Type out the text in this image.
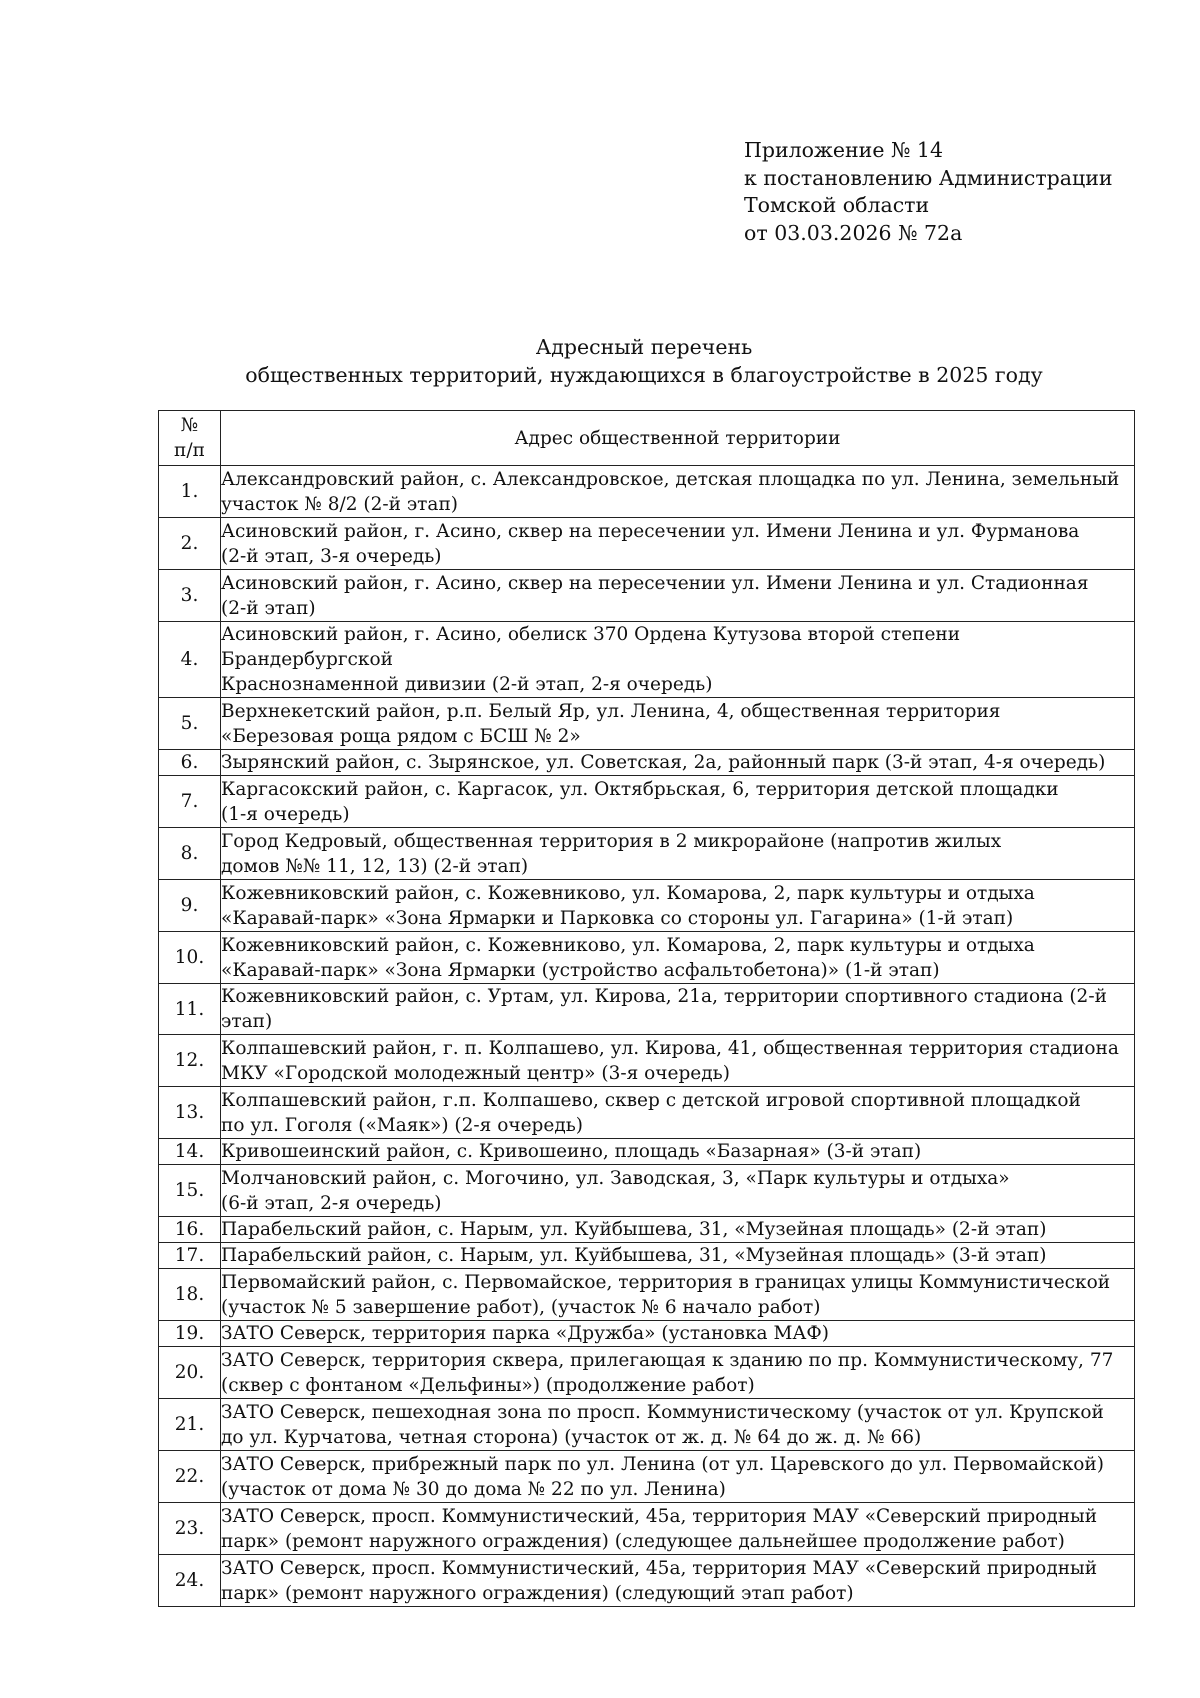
Приложение № 14
к постановлению Администрации
Томской области
от 03.03.2026 № 72а
Адресный перечень
общественных территорий, нуждающихся в благоустройстве в 2025 году
№
п/п	Адрес общественной территории
1.	Александровский район, с. Александровское, детская площадка по ул. Ленина, земельный
участок № 8/2 (2-й этап)

2.	Асиновский район, г. Асино, сквер на пересечении ул. Имени Ленина и ул. Фурманова
(2-й этап, 3-я очередь)

3.	Асиновский район, г. Асино, сквер на пересечении ул. Имени Ленина и ул. Стадионная
(2-й этап)

4.	Асиновский район, г. Асино, обелиск 370 Ордена Кутузова второй степени Брандербургской
Краснознаменной дивизии (2-й этап, 2-я очередь)

5.	Верхнекетский район, р.п. Белый Яр, ул. Ленина, 4, общественная территория
«Березовая роща рядом с БСШ № 2»

6.	Зырянский район, с. Зырянское, ул. Советская, 2а, районный парк (3-й этап, 4-я очередь)

7.	Каргасокский район, с. Каргасок, ул. Октябрьская, 6, территория детской площадки
(1-я очередь)

8.	Город Кедровый, общественная территория в 2 микрорайоне (напротив жилых
домов №№ 11, 12, 13) (2-й этап)

9.	Кожевниковский район, с. Кожевниково, ул. Комарова, 2, парк культуры и отдыха
«Каравай-парк» «Зона Ярмарки и Парковка со стороны ул. Гагарина» (1-й этап)

10.	Кожевниковский район, с. Кожевниково, ул. Комарова, 2, парк культуры и отдыха
«Каравай-парк» «Зона Ярмарки (устройство асфальтобетона)» (1-й этап)

11.	Кожевниковский район, с. Уртам, ул. Кирова, 21а, территории спортивного стадиона (2-й этап)

12.	Колпашевский район, г. п. Колпашево, ул. Кирова, 41, общественная территория стадиона
МКУ «Городской молодежный центр» (3-я очередь)

13.	Колпашевский район, г.п. Колпашево, сквер с детской игровой спортивной площадкой
по ул. Гоголя («Маяк») (2-я очередь)

14.	Кривошеинский район, с. Кривошеино, площадь «Базарная» (3-й этап)

15.	Молчановский район, с. Могочино, ул. Заводская, 3, «Парк культуры и отдыха»
(6-й этап, 2-я очередь)

16.	Парабельский район, с. Нарым, ул. Куйбышева, 31, «Музейная площадь» (2-й этап)

17.	Парабельский район, с. Нарым, ул. Куйбышева, 31, «Музейная площадь» (3-й этап)

18.	Первомайский район, с. Первомайское, территория в границах улицы Коммунистической
(участок № 5 завершение работ), (участок № 6 начало работ)

19.	ЗАТО Северск, территория парка «Дружба» (установка МАФ)

20.	ЗАТО Северск, территория сквера, прилегающая к зданию по пр. Коммунистическому, 77
(сквер с фонтаном «Дельфины») (продолжение работ)

21.	ЗАТО Северск, пешеходная зона по просп. Коммунистическому (участок от ул. Крупской
до ул. Курчатова, четная сторона) (участок от ж. д. № 64 до ж. д. № 66)

22.	ЗАТО Северск, прибрежный парк по ул. Ленина (от ул. Царевского до ул. Первомайской)
(участок от дома № 30 до дома № 22 по ул. Ленина)

23.	ЗАТО Северск, просп. Коммунистический, 45а, территория МАУ «Северский природный
парк» (ремонт наружного ограждения) (следующее дальнейшее продолжение работ)

24.	ЗАТО Северск, просп. Коммунистический, 45а, территория МАУ «Северский природный
парк» (ремонт наружного ограждения) (следующий этап работ)
